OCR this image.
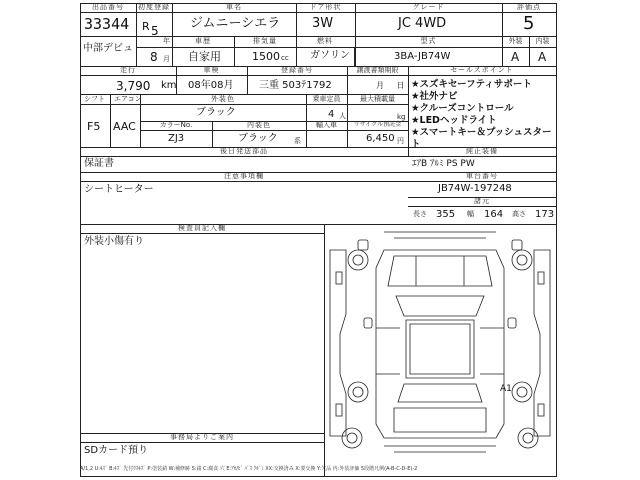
出品番号
33344
中部デビュ
初度登録
R 5
年
8 月
車名
ジムニーシエラ
ドア形状
3W
グレード
JC 4WD
評価点
5
外装	内装
A A
車歴
自家用
排気量
1500 cc
燃料
ガソリン
型式
3BA-JB74W
走行
3,790 km
車検
08年08月
登録番号
三重 503ﾃ1792
譲渡書類期限
月 日
セールスポイント
★スズキセーフティサポート
★社外ナビ
★クルーズコントロール
★LEDヘッドライト
★スマートキー＆プッシュスタート
シフト
F5
エアコン
AAC
外装色
ブラック
乗車定員
4 人
最大積載量
kg
カラーNo.
ZJ3
内装色
ブラック 系
輸入車	リサイクル預託金
6,450 円
純正装備
ｴｱB ｱﾙﾐ PS PW
後日発送部品
保証書
注意事項欄
シートヒーター
車台番号
JB74W-197248
諸元
長さ 355 幅 164 高さ 173
検査員記入欄
外装小傷有り
事務局よりご案内
SDカード預り
A/1,2 U:ｷｽﾞ B:ｷｽﾞ 先付ｳｽｷｽﾞ P:塗装錆 W:補修跡 S:錆 C:腐食 穴 E:ｱｶ/ﾋﾞ ﾊﾞｽ ｸﾎﾞﾐ XX:交換済み X:要交換 Y:欠品 内:外装評価 5段階凡例(A-B-C-D-E)-2
A1
